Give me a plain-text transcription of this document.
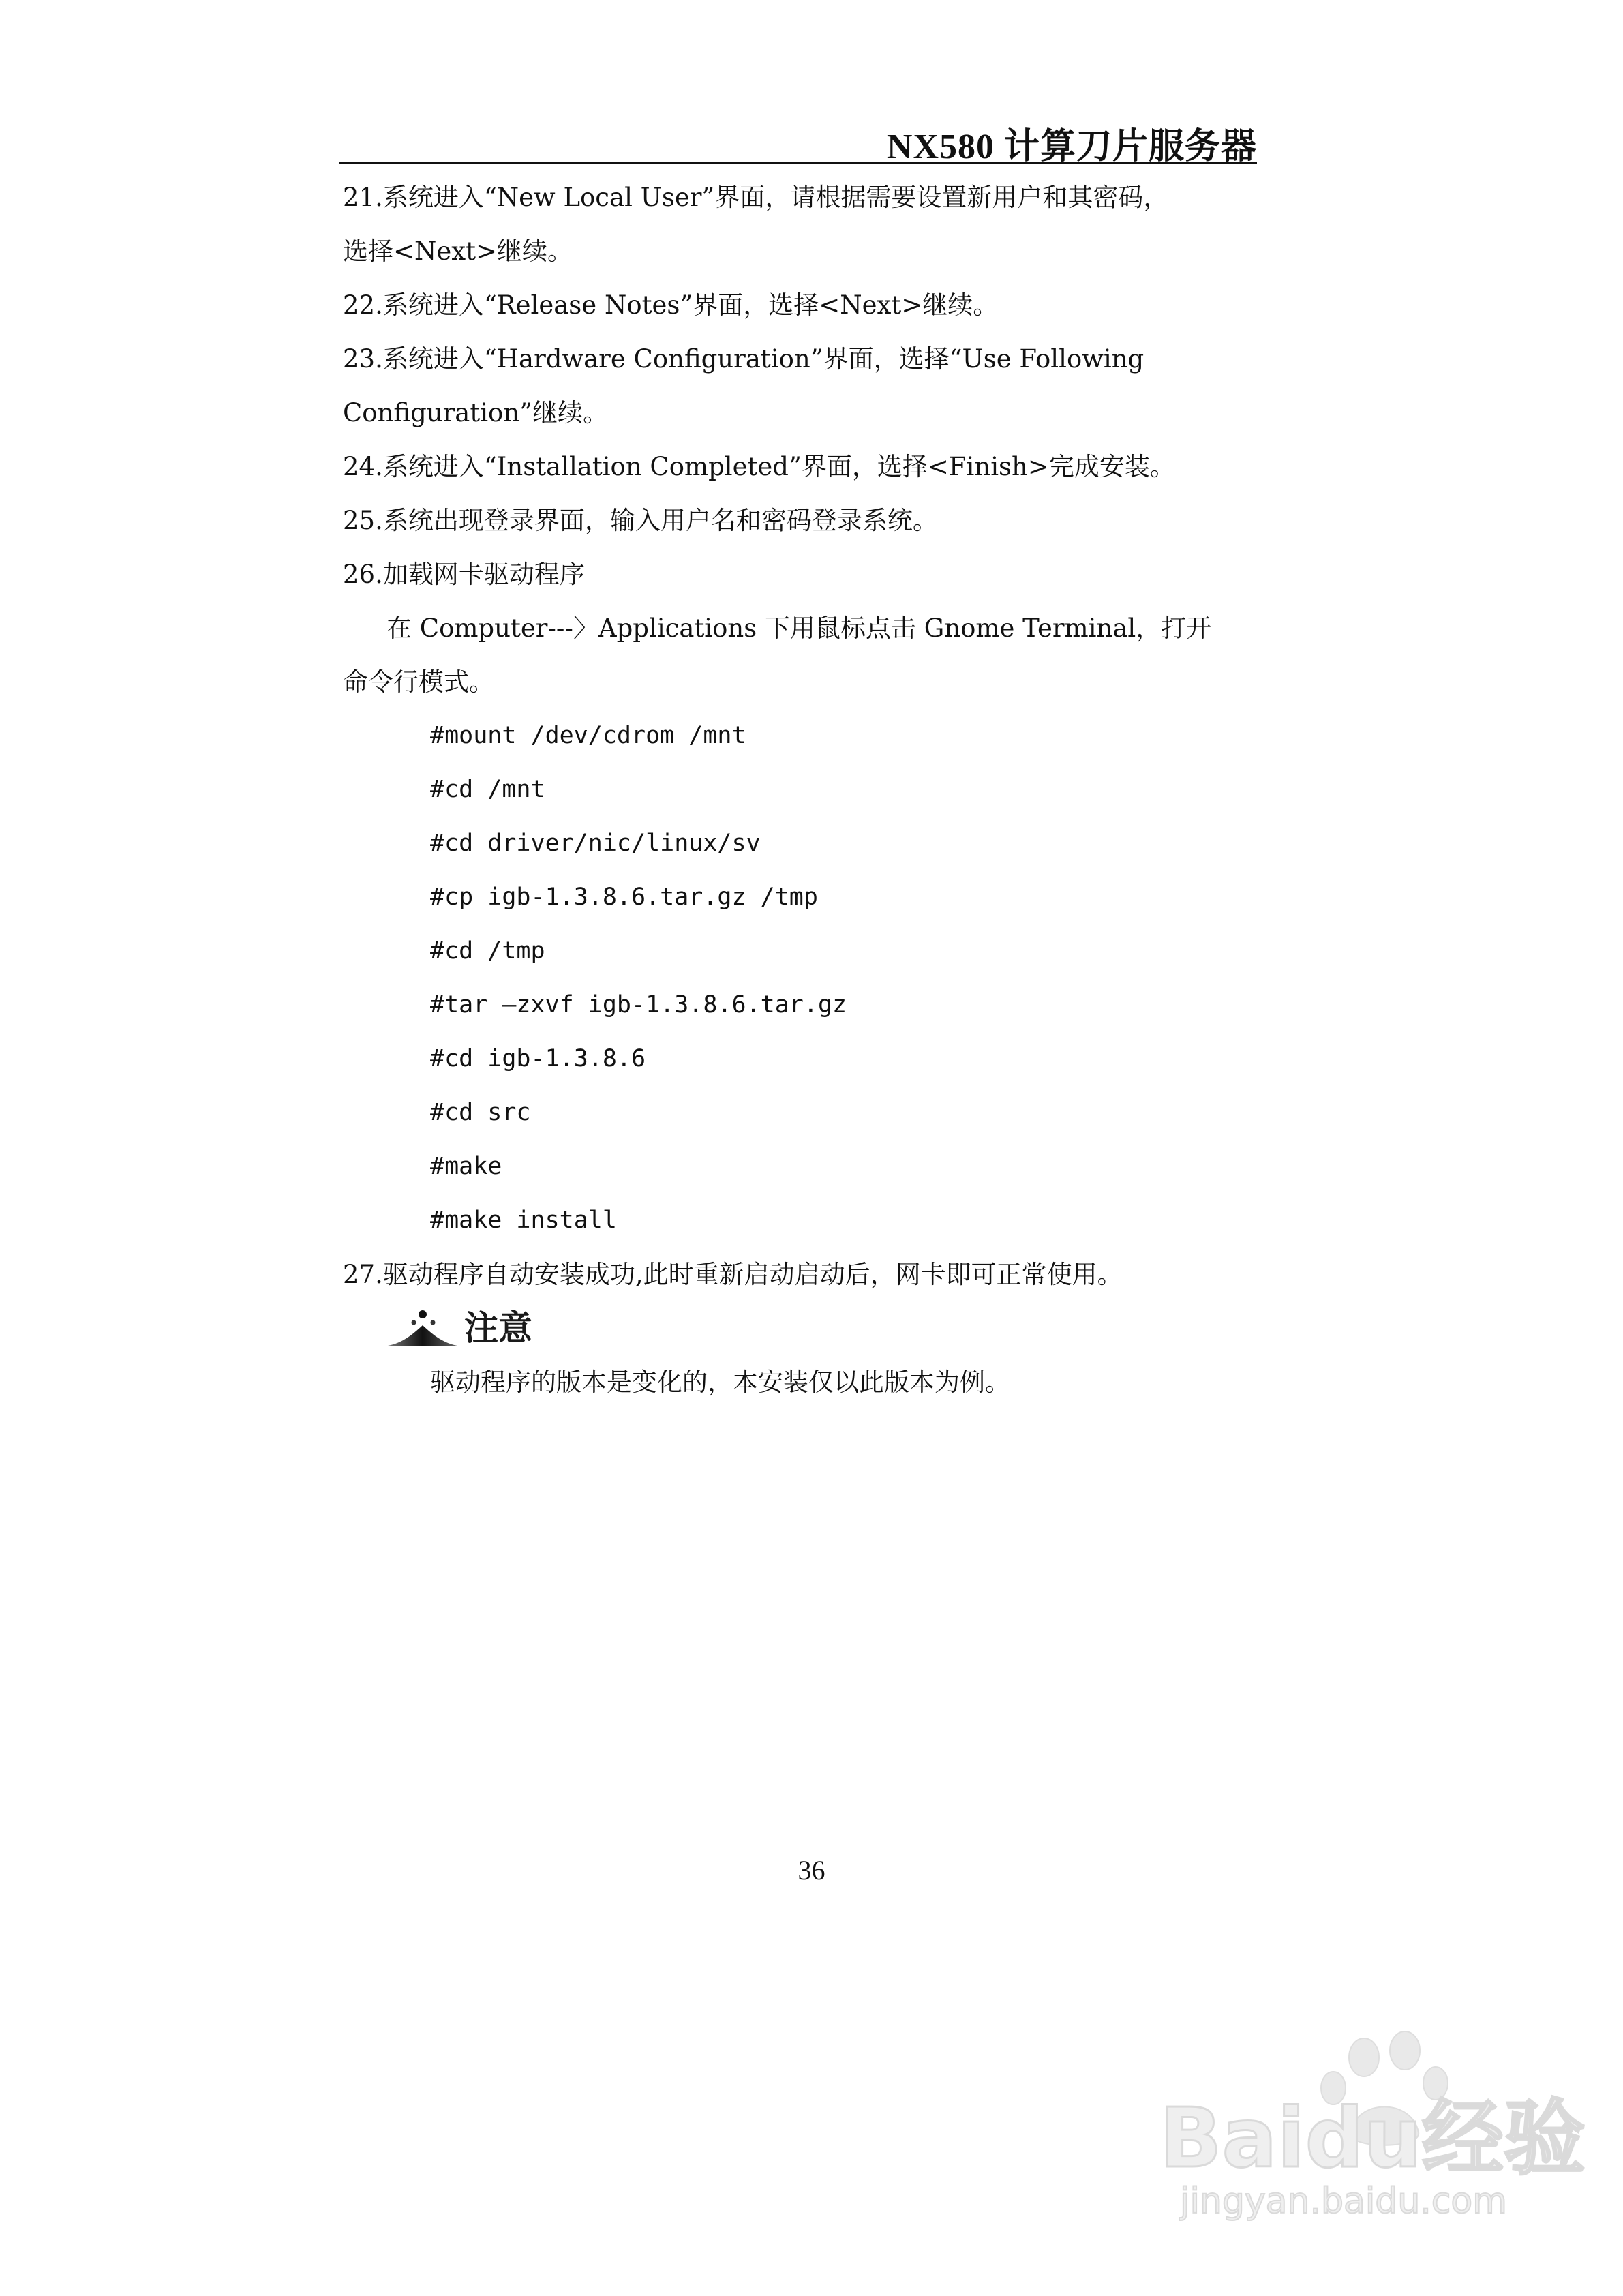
NX580 计算刀片服务器
21.系统进入“New Local User”界面，请根据需要设置新用户和其密码，
选择<Next>继续。
22.系统进入“Release Notes”界面，选择<Next>继续。
23.系统进入“Hardware Configuration”界面，选择“Use Following
Configuration”继续。
24.系统进入“Installation Completed”界面，选择<Finish>完成安装。
25.系统出现登录界面，输入用户名和密码登录系统。
26.加载网卡驱动程序
在 Computer---〉Applications 下用鼠标点击 Gnome Terminal，打开
命令行模式。
#mount /dev/cdrom /mnt
#cd /mnt
#cd driver/nic/linux/sv
#cp igb-1.3.8.6.tar.gz /tmp
#cd /tmp
#tar –zxvf igb-1.3.8.6.tar.gz
#cd igb-1.3.8.6
#cd src
#make
#make install
27.驱动程序自动安装成功,此时重新启动启动后，网卡即可正常使用。
注意
驱动程序的版本是变化的，本安装仅以此版本为例。
36
Baidu经验
jingyan.baidu.com
